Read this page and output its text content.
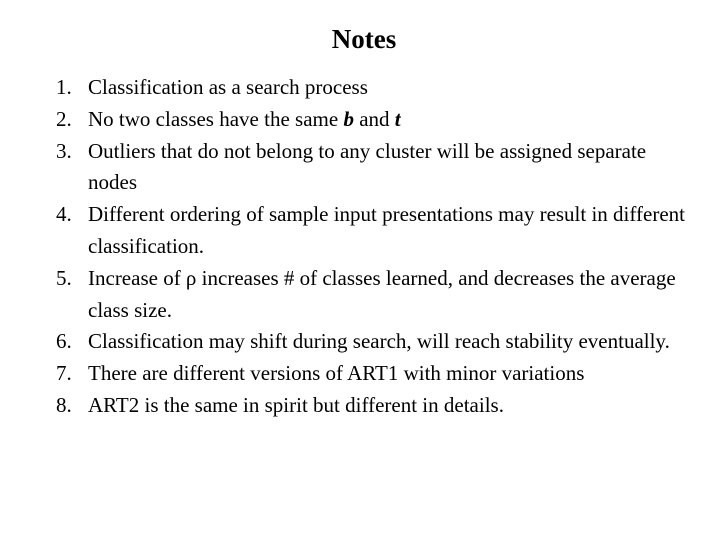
Notes
1. Classification as a search process
2. No two classes have the same b and t
3. Outliers that do not belong to any cluster will be assigned separate nodes
4. Different ordering of sample input presentations may result in different classification.
5. Increase of ρ increases # of classes learned, and decreases the average class size.
6. Classification may shift during search, will reach stability eventually.
7. There are different versions of ART1 with minor variations
8. ART2 is the same in spirit but different in details.
